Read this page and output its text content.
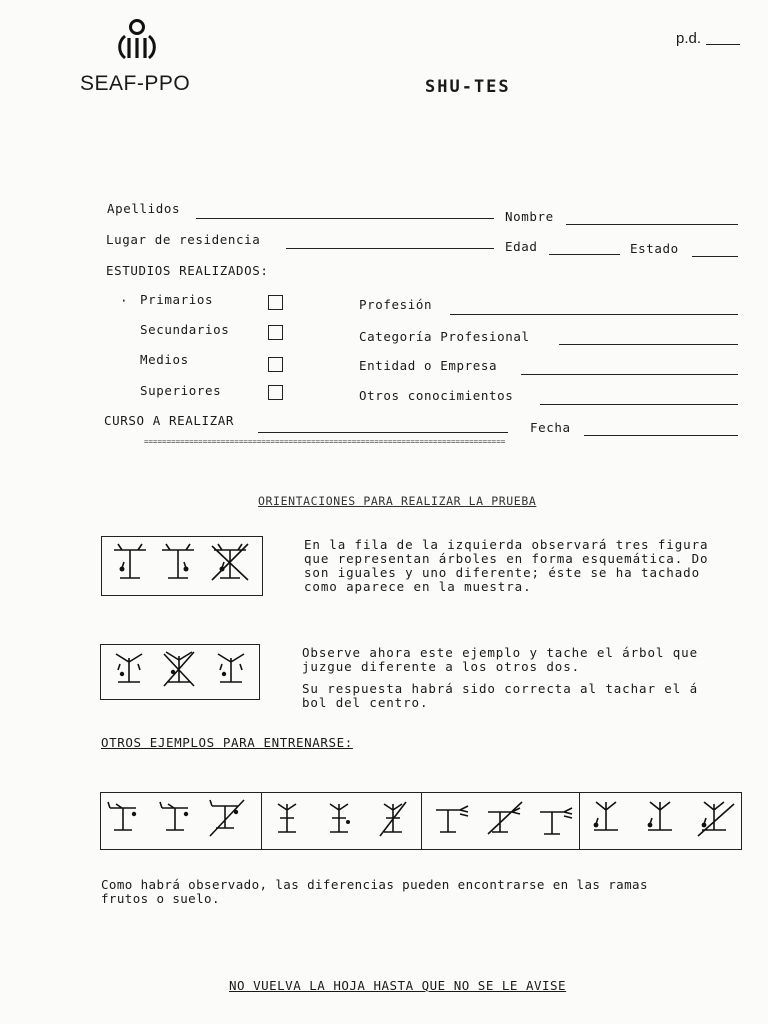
SEAF-PPO	SHU-TES
p.d.
Apellidos
Nombre
Lugar de residencia	Edad	Estado
ESTUDIOS REALIZADOS:
· Primarios
Secundarios
Medios
Superiores
Profesión
Categoría Profesional
Entidad o Empresa
Otros conocimientos
CURSO A REALIZAR	Fecha
================================================================================
ORIENTACIONES PARA REALIZAR LA PRUEBA
En la fila de la izquierda observará tres figura
que representan árboles en forma esquemática. Do
son iguales y uno diferente; éste se ha tachado
como aparece en la muestra.
Observe ahora este ejemplo y tache el árbol que
juzgue diferente a los otros dos.
Su respuesta habrá sido correcta al tachar el á
bol del centro.
OTROS EJEMPLOS PARA ENTRENARSE:
Como habrá observado, las diferencias pueden encontrarse en las ramas
frutos o suelo.
NO VUELVA LA HOJA HASTA QUE NO SE LE AVISE
